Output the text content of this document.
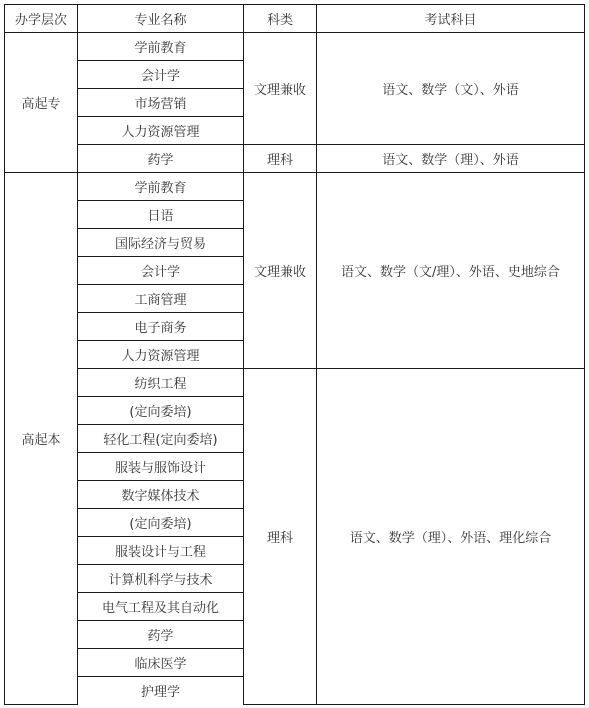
办学层次	专业名称	科类	考试科目
高起专	学前教育	文理兼收	语文、数学（文）、外语
	会计学		
	市场营销		
	人力资源管理		
	药学	理科	语文、数学（理）、外语
高起本	学前教育	文理兼收	语文、数学（文/理）、外语、史地综合
	日语		
	国际经济与贸易		
	会计学		
	工商管理		
	电子商务		
	人力资源管理		
	纺织工程	理科	语文、数学（理）、外语、理化综合
	(定向委培)		
	轻化工程(定向委培)		
	服装与服饰设计		
	数字媒体技术		
	(定向委培)		
	服装设计与工程		
	计算机科学与技术		
	电气工程及其自动化		
	药学		
	临床医学		
	护理学		
